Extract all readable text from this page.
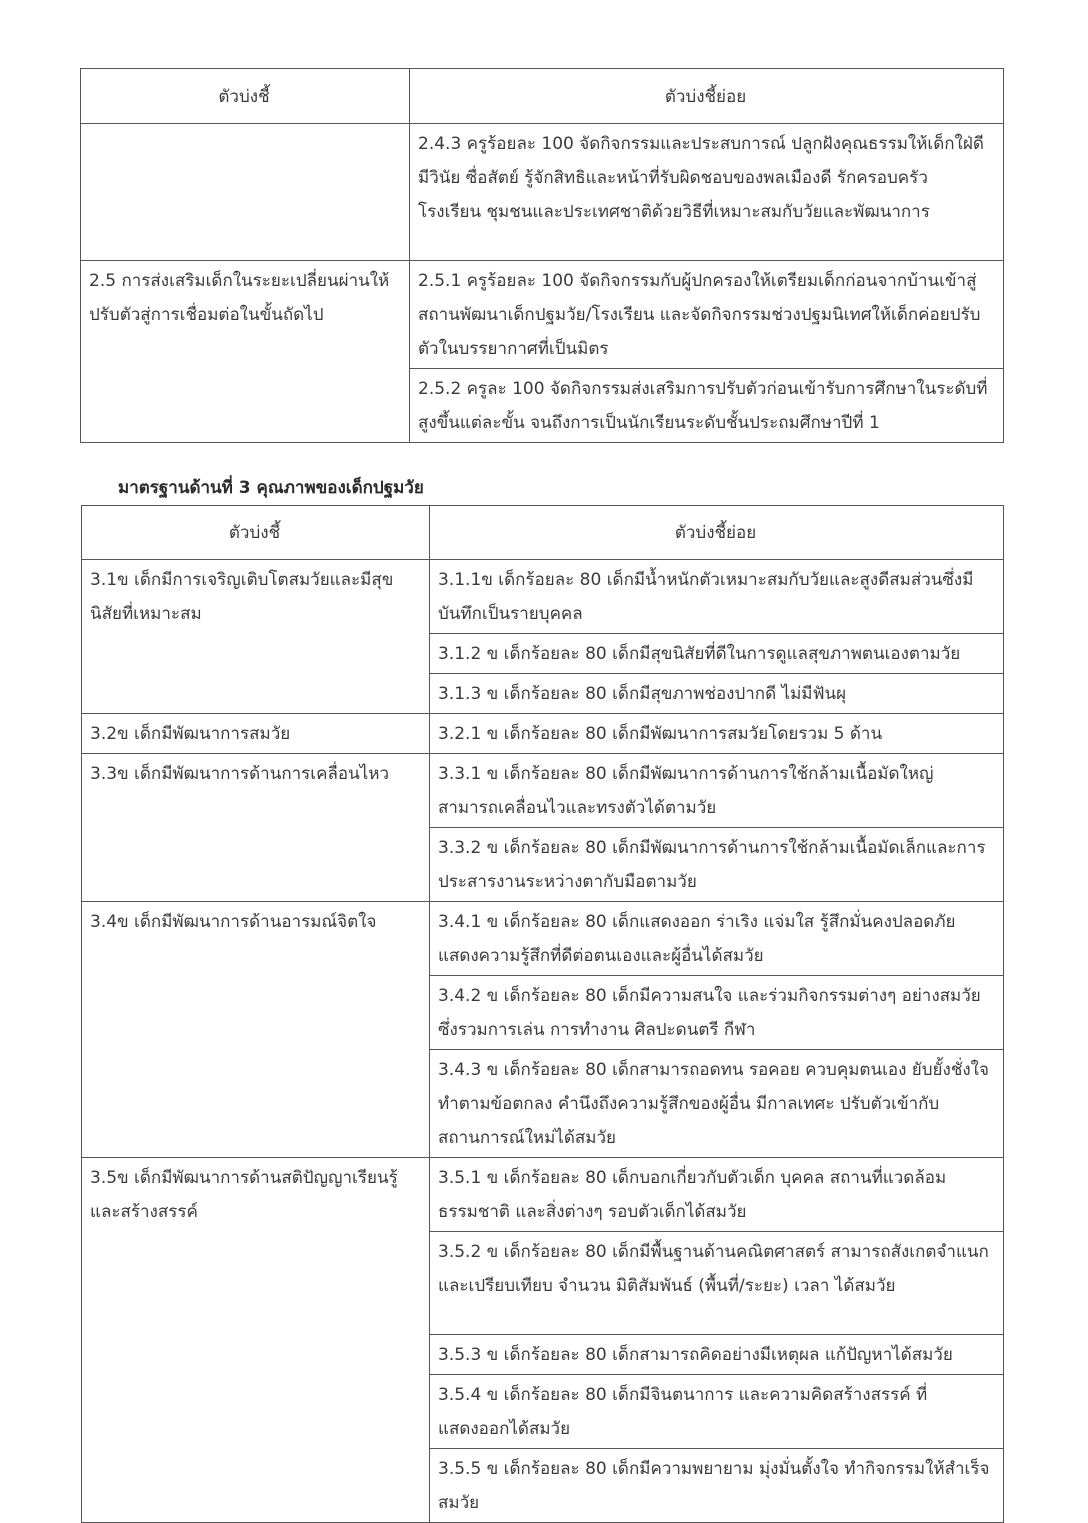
ตัวบ่งชี้	ตัวบ่งชี้ย่อย
	2.4.3 ครูร้อยละ 100 จัดกิจกรรมและประสบการณ์ ปลูกฝังคุณธรรมให้เด็กใฝ่ดี มีวินัย ซื่อสัตย์ รู้จักสิทธิและหน้าที่รับผิดชอบของพลเมืองดี รักครอบครัว โรงเรียน ชุมชนและประเทศชาติด้วยวิธีที่เหมาะสมกับวัยและพัฒนาการ
2.5 การส่งเสริมเด็กในระยะเปลี่ยนผ่านให้ปรับตัวสู่การเชื่อมต่อในขั้นถัดไป	2.5.1 ครูร้อยละ 100 จัดกิจกรรมกับผู้ปกครองให้เตรียมเด็กก่อนจากบ้านเข้าสู่สถานพัฒนาเด็กปฐมวัย/โรงเรียน และจัดกิจกรรมช่วงปฐมนิเทศให้เด็กค่อยปรับตัวในบรรยากาศที่เป็นมิตร
	2.5.2 ครูละ 100 จัดกิจกรรมส่งเสริมการปรับตัวก่อนเข้ารับการศึกษาในระดับที่สูงขึ้นแต่ละขั้น จนถึงการเป็นนักเรียนระดับชั้นประถมศึกษาปีที่ 1
มาตรฐานด้านที่ 3 คุณภาพของเด็กปฐมวัย
ตัวบ่งชี้	ตัวบ่งชี้ย่อย
3.1ข เด็กมีการเจริญเติบโตสมวัยและมีสุขนิสัยที่เหมาะสม	3.1.1ข เด็กร้อยละ 80 เด็กมีน้ำหนักตัวเหมาะสมกับวัยและสูงดีสมส่วนซึ่งมีบันทึกเป็นรายบุคคล
	3.1.2 ข เด็กร้อยละ 80 เด็กมีสุขนิสัยที่ดีในการดูแลสุขภาพตนเองตามวัย
	3.1.3 ข เด็กร้อยละ 80 เด็กมีสุขภาพช่องปากดี ไม่มีฟันผุ
3.2ข เด็กมีพัฒนาการสมวัย	3.2.1 ข เด็กร้อยละ 80 เด็กมีพัฒนาการสมวัยโดยรวม 5 ด้าน
3.3ข เด็กมีพัฒนาการด้านการเคลื่อนไหว	3.3.1 ข เด็กร้อยละ 80 เด็กมีพัฒนาการด้านการใช้กล้ามเนื้อมัดใหญ่สามารถเคลื่อนไวและทรงตัวได้ตามวัย
	3.3.2 ข เด็กร้อยละ 80 เด็กมีพัฒนาการด้านการใช้กล้ามเนื้อมัดเล็กและการประสารงานระหว่างตากับมือตามวัย
3.4ข เด็กมีพัฒนาการด้านอารมณ์จิตใจ	3.4.1 ข เด็กร้อยละ 80 เด็กแสดงออก ร่าเริง แจ่มใส รู้สึกมั่นคงปลอดภัยแสดงความรู้สึกที่ดีต่อตนเองและผู้อื่นได้สมวัย
	3.4.2 ข เด็กร้อยละ 80 เด็กมีความสนใจ และร่วมกิจกรรมต่างๆ อย่างสมวัย ซึ่งรวมการเล่น การทำงาน ศิลปะดนตรี กีฬา
	3.4.3 ข เด็กร้อยละ 80 เด็กสามารถอดทน รอคอย ควบคุมตนเอง ยับยั้งชั่งใจ ทำตามข้อตกลง คำนึงถึงความรู้สึกของผู้อื่น มีกาลเทศะ ปรับตัวเข้ากับสถานการณ์ใหม่ได้สมวัย
3.5ข เด็กมีพัฒนาการด้านสติปัญญาเรียนรู้และสร้างสรรค์	3.5.1 ข เด็กร้อยละ 80 เด็กบอกเกี่ยวกับตัวเด็ก บุคคล สถานที่แวดล้อมธรรมชาติ และสิ่งต่างๆ รอบตัวเด็กได้สมวัย
	3.5.2 ข เด็กร้อยละ 80 เด็กมีพื้นฐานด้านคณิตศาสตร์ สามารถสังเกตจำแนก และเปรียบเทียบ จำนวน มิติสัมพันธ์ (พื้นที่/ระยะ) เวลา ได้สมวัย
	3.5.3 ข เด็กร้อยละ 80 เด็กสามารถคิดอย่างมีเหตุผล แก้ปัญหาได้สมวัย
	3.5.4 ข เด็กร้อยละ 80 เด็กมีจินตนาการ และความคิดสร้างสรรค์ ที่แสดงออกได้สมวัย
	3.5.5 ข เด็กร้อยละ 80 เด็กมีความพยายาม มุ่งมั่นตั้งใจ ทำกิจกรรมให้สำเร็จสมวัย
